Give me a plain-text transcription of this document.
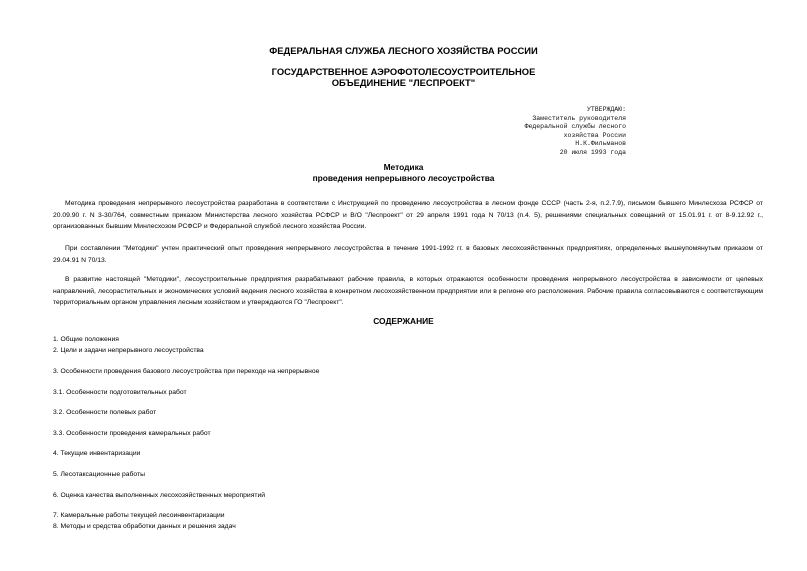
ФЕДЕРАЛЬНАЯ СЛУЖБА ЛЕСНОГО ХОЗЯЙСТВА РОССИИ
ГОСУДАРСТВЕННОЕ АЭРОФОТОЛЕСОУСТРОИТЕЛЬНОЕ
ОБЪЕДИНЕНИЕ "ЛЕСПРОЕКТ"
УТВЕРЖДАЮ:
Заместитель руководителя
Федеральной службы лесного
хозяйства России
Н.К.Фильманов
20 июля 1993 года
Методика
проведения непрерывного лесоустройства

Методика проведения непрерывного лесоустройства разработана в соответствии с Инструкцией по проведению лесоустройства в лесном фонде СССР (часть 2-я, п.2.7.9), письмом бывшего Минлесхоза РСФСР от 20.09.90 г. N 3-30/764, совместным приказом Министерства лесного хозяйства РСФСР и В/О "Леспроект" от 29 апреля 1991 года N 70/13 (п.4. 5), решениями специальных совещаний от 15.01.91 г. от 8-9.12.92 г., организованных бывшим Минлесхозом РСФСР и Федеральной службой лесного хозяйства России.

При составлении "Методики" учтен практический опыт проведения непрерывного лесоустройства в течение 1991-1992 гг. в базовых лесохозяйственных предприятиях, определенных вышеупомянутым приказом от 29.04.91 N 70/13.

В развитие настоящей "Методики", лесоустроительные предприятия разрабатывают рабочие правила, в которых отражаются особенности проведения непрерывного лесоустройства в зависимости от целевых направлений, лесорастительных и экономических условий ведения лесного хозяйства в конкретном лесохозяйственном предприятии или в регионе его расположения. Рабочие правила согласовываются с соответствующим территориальным органом управления лесным хозяйством и утверждаются ГО "Леспроект".

СОДЕРЖАНИЕ
1. Общие положения
2. Цели и задачи непрерывного лесоустройства
3. Особенности проведения базового лесоустройства при переходе на непрерывное
3.1. Особенности подготовительных работ
3.2. Особенности полевых работ
3.3. Особенности проведения камеральных работ
4. Текущие инвентаризации
5. Лесотаксационные работы
6. Оценка качества выполненных лесохозяйственных мероприятий
7. Камеральные работы текущей лесоинвентаризации
8. Методы и средства обработки данных и решения задач
